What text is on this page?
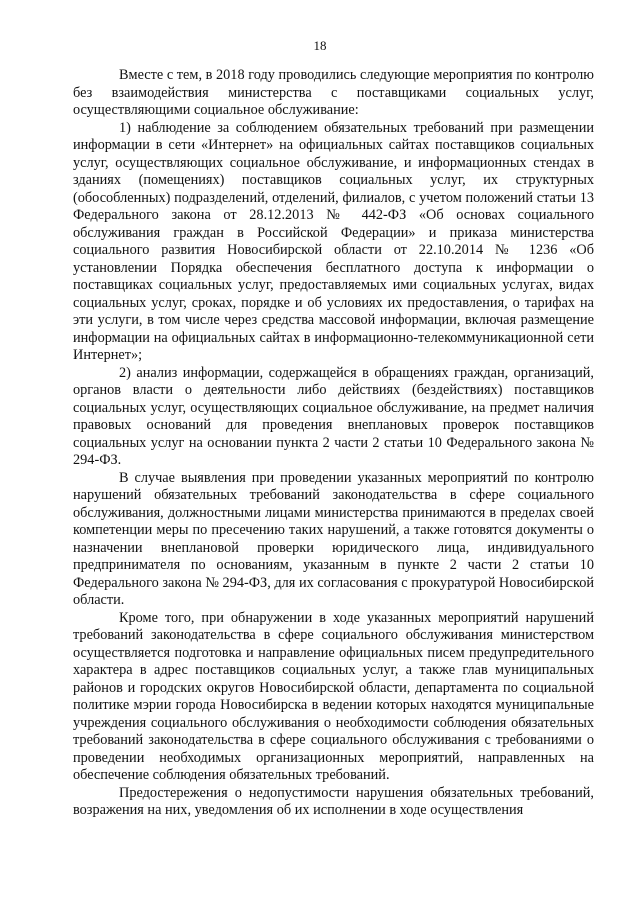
18

Вместе с тем, в 2018 году проводились следующие мероприятия по контролю без взаимодействия министерства с поставщиками социальных услуг, осуществляющими социальное обслуживание:

1) наблюдение за соблюдением обязательных требований при размещении информации в сети «Интернет» на официальных сайтах поставщиков социальных услуг, осуществляющих социальное обслуживание, и информационных стендах в зданиях (помещениях) поставщиков социальных услуг, их структурных (обособленных) подразделений, отделений, филиалов, с учетом положений статьи 13 Федерального закона от 28.12.2013 № 442-ФЗ «Об основах социального обслуживания граждан в Российской Федерации» и приказа министерства социального развития Новосибирской области от 22.10.2014 № 1236 «Об установлении Порядка обеспечения бесплатного доступа к информации о поставщиках социальных услуг, предоставляемых ими социальных услугах, видах социальных услуг, сроках, порядке и об условиях их предоставления, о тарифах на эти услуги, в том числе через средства массовой информации, включая размещение информации на официальных сайтах в информационно-телекоммуникационной сети Интернет»;

2) анализ информации, содержащейся в обращениях граждан, организаций, органов власти о деятельности либо действиях (бездействиях) поставщиков социальных услуг, осуществляющих социальное обслуживание, на предмет наличия правовых оснований для проведения внеплановых проверок поставщиков социальных услуг на основании пункта 2 части 2 статьи 10 Федерального закона № 294-ФЗ.

В случае выявления при проведении указанных мероприятий по контролю нарушений обязательных требований законодательства в сфере социального обслуживания, должностными лицами министерства принимаются в пределах своей компетенции меры по пресечению таких нарушений, а также готовятся документы о назначении внеплановой проверки юридического лица, индивидуального предпринимателя по основаниям, указанным в пункте 2 части 2 статьи 10 Федерального закона № 294-ФЗ, для их согласования с прокуратурой Новосибирской области.

Кроме того, при обнаружении в ходе указанных мероприятий нарушений требований законодательства в сфере социального обслуживания министерством осуществляется подготовка и направление официальных писем предупредительного характера в адрес поставщиков социальных услуг, а также глав муниципальных районов и городских округов Новосибирской области, департамента по социальной политике мэрии города Новосибирска в ведении которых находятся муниципальные учреждения социального обслуживания о необходимости соблюдения обязательных требований законодательства в сфере социального обслуживания с требованиями о проведении необходимых организационных мероприятий, направленных на обеспечение соблюдения обязательных требований.

Предостережения о недопустимости нарушения обязательных требований, возражения на них, уведомления об их исполнении в ходе осуществления
